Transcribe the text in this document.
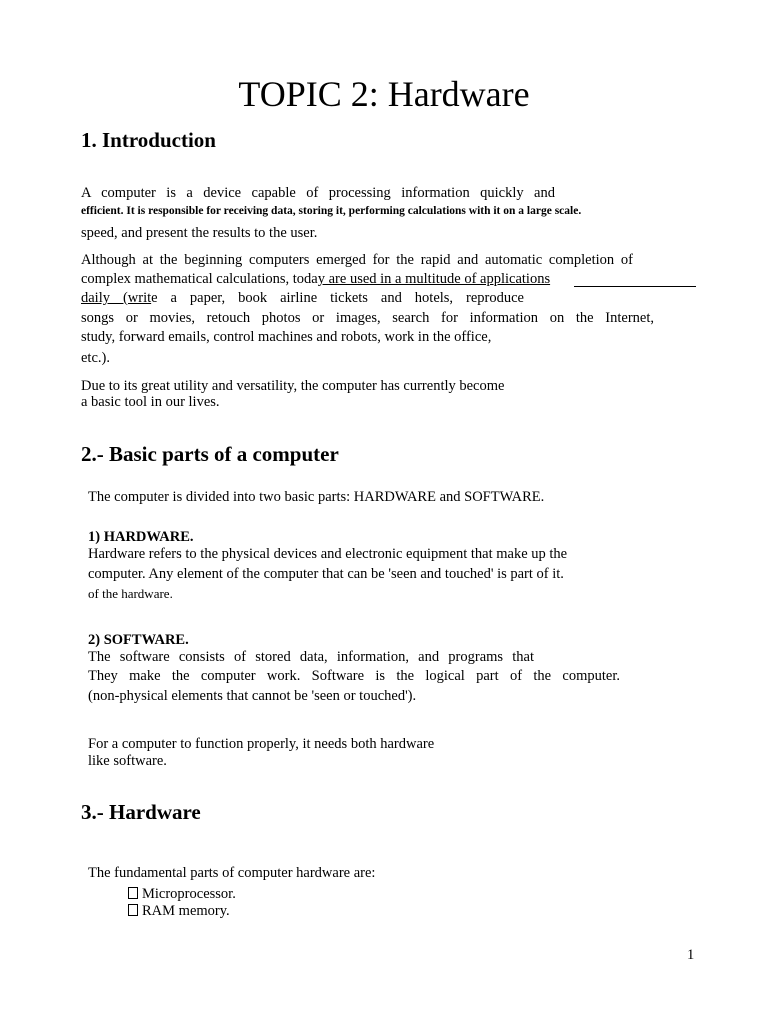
TOPIC 2: Hardware
1. Introduction
A computer is a device capable of processing information quickly and
efficient. It is responsible for receiving data, storing it, performing calculations with it on a large scale.
speed, and present the results to the user.
Although at the beginning computers emerged for the rapid and automatic completion of
complex mathematical calculations, today are used in a multitude of applications
daily (write a paper, book airline tickets and hotels, reproduce
songs or movies, retouch photos or images, search for information on the Internet,
study, forward emails, control machines and robots, work in the office,
etc.).
Due to its great utility and versatility, the computer has currently become
a basic tool in our lives.
2.- Basic parts of a computer
The computer is divided into two basic parts: HARDWARE and SOFTWARE.
1) HARDWARE.
Hardware refers to the physical devices and electronic equipment that make up the
computer. Any element of the computer that can be 'seen and touched' is part of it.
of the hardware.
2) SOFTWARE.
The software consists of stored data, information, and programs that
They make the computer work. Software is the logical part of the computer.
(non-physical elements that cannot be 'seen or touched').
For a computer to function properly, it needs both hardware
like software.
3.- Hardware
The fundamental parts of computer hardware are:
Microprocessor.
RAM memory.
1
